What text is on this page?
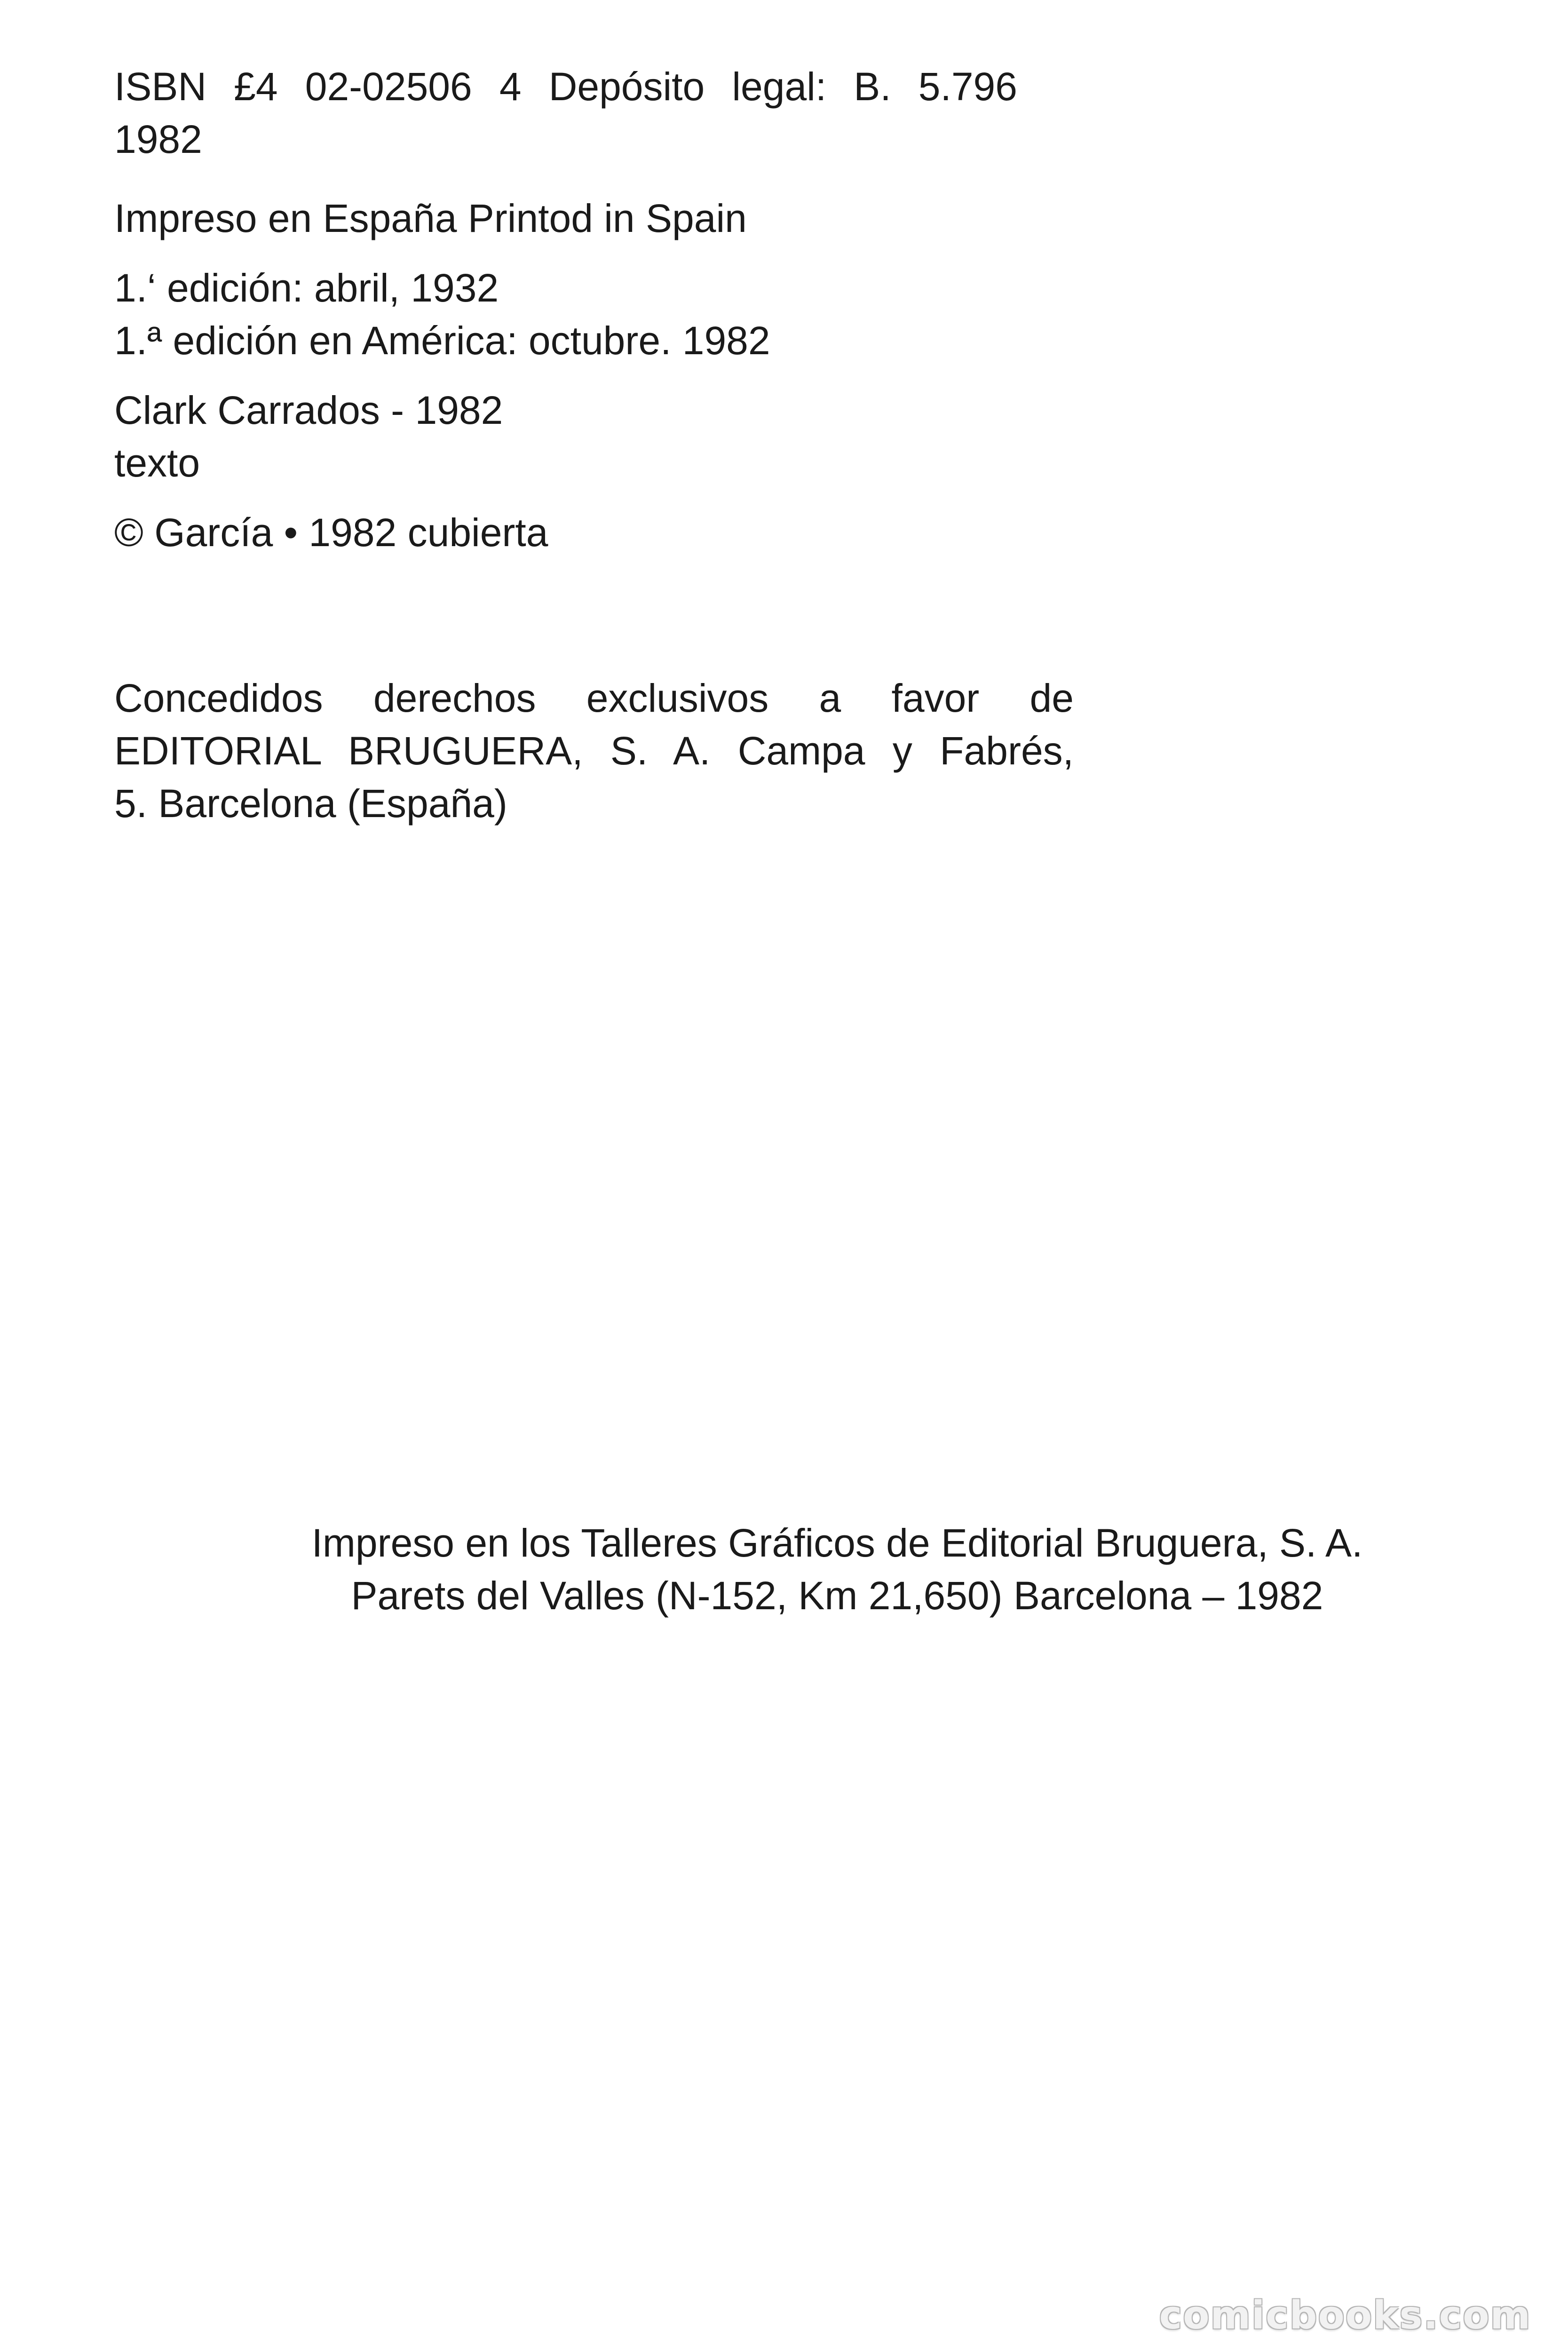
ISBN £4 02-02506 4 Depósito legal: B. 5.796
1982
Impreso en España Printod in Spain
1.‘ edición: abril, 1932
1.ª edición en América: octubre. 1982
Clark Carrados - 1982
texto
© García • 1982 cubierta
Concedidos derechos exclusivos a favor de
EDITORIAL BRUGUERA, S. A. Campa y Fabrés,
5. Barcelona (España)
Impreso en los Talleres Gráficos de Editorial Bruguera, S. A.
Parets del Valles (N-152, Km 21,650) Barcelona – 1982
comicbooks.com
